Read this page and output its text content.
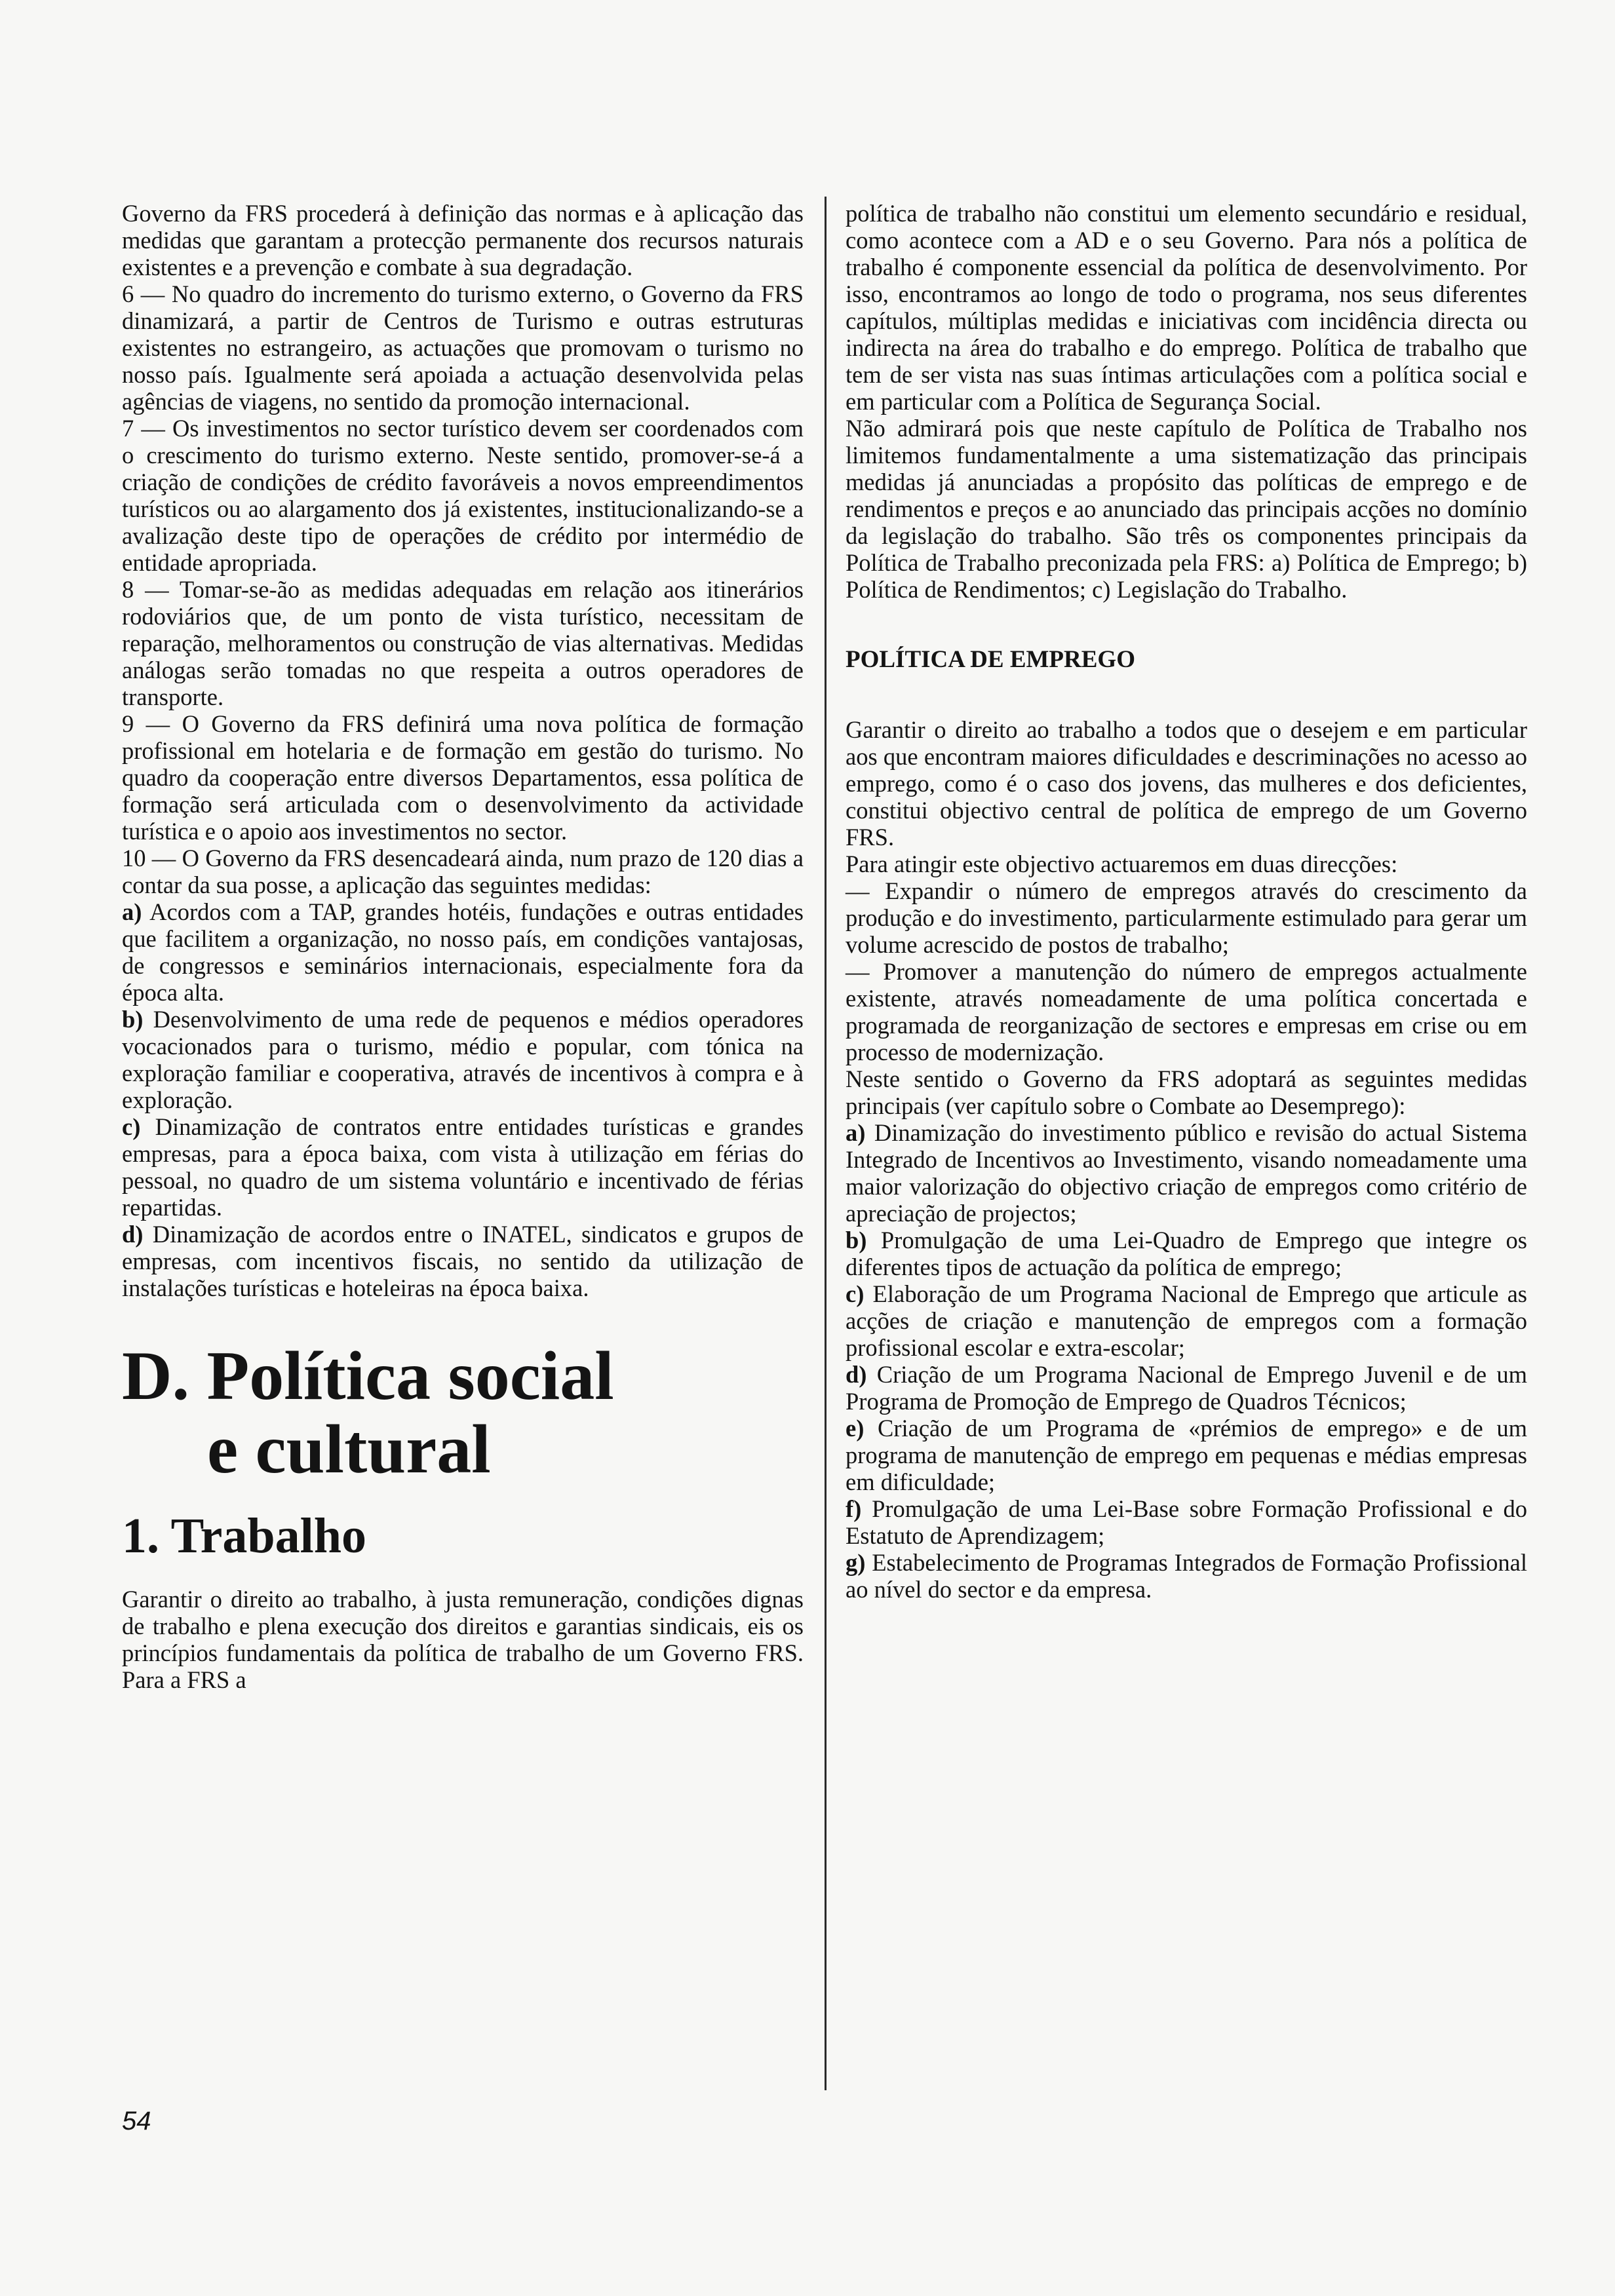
Governo da FRS procederá à definição das normas e à aplicação das medidas que garantam a protecção permanente dos recursos naturais existentes e a prevenção e combate à sua degradação.

6 — No quadro do incremento do turismo externo, o Governo da FRS dinamizará, a partir de Centros de Turismo e outras estruturas existentes no estrangeiro, as actuações que promovam o turismo no nosso país. Igualmente será apoiada a actuação desenvolvida pelas agências de viagens, no sentido da promoção internacional.

7 — Os investimentos no sector turístico devem ser coordenados com o crescimento do turismo externo. Neste sentido, promover-se-á a criação de condições de crédito favoráveis a novos empreendimentos turísticos ou ao alargamento dos já existentes, institucionalizando-se a avalização deste tipo de operações de crédito por intermédio de entidade apropriada.

8 — Tomar-se-ão as medidas adequadas em relação aos itinerários rodoviários que, de um ponto de vista turístico, necessitam de reparação, melhoramentos ou construção de vias alternativas. Medidas análogas serão tomadas no que respeita a outros operadores de transporte.

9 — O Governo da FRS definirá uma nova política de formação profissional em hotelaria e de formação em gestão do turismo. No quadro da cooperação entre diversos Departamentos, essa política de formação será articulada com o desenvolvimento da actividade turística e o apoio aos investimentos no sector.

10 — O Governo da FRS desencadeará ainda, num prazo de 120 dias a contar da sua posse, a aplicação das seguintes medidas:

a) Acordos com a TAP, grandes hotéis, fundações e outras entidades que facilitem a organização, no nosso país, em condições vantajosas, de congressos e seminários internacionais, especialmente fora da época alta.

b) Desenvolvimento de uma rede de pequenos e médios operadores vocacionados para o turismo, médio e popular, com tónica na exploração familiar e cooperativa, através de incentivos à compra e à exploração.

c) Dinamização de contratos entre entidades turísticas e grandes empresas, para a época baixa, com vista à utilização em férias do pessoal, no quadro de um sistema voluntário e incentivado de férias repartidas.

d) Dinamização de acordos entre o INATEL, sindicatos e grupos de empresas, com incentivos fiscais, no sentido da utilização de instalações turísticas e hoteleiras na época baixa.

D. Política social
e cultural
1. Trabalho

Garantir o direito ao trabalho, à justa remuneração, condições dignas de trabalho e plena execução dos direitos e garantias sindicais, eis os princípios fundamentais da política de trabalho de um Governo FRS. Para a FRS a

política de trabalho não constitui um elemento secundário e residual, como acontece com a AD e o seu Governo. Para nós a política de trabalho é componente essencial da política de desenvolvimento. Por isso, encontramos ao longo de todo o programa, nos seus diferentes capítulos, múltiplas medidas e iniciativas com incidência directa ou indirecta na área do trabalho e do emprego. Política de trabalho que tem de ser vista nas suas íntimas articulações com a política social e em particular com a Política de Segurança Social.

Não admirará pois que neste capítulo de Política de Trabalho nos limitemos fundamentalmente a uma sistematização das principais medidas já anunciadas a propósito das políticas de emprego e de rendimentos e preços e ao anunciado das principais acções no domínio da legislação do trabalho. São três os componentes principais da Política de Trabalho preconizada pela FRS: a) Política de Emprego; b) Política de Rendimentos; c) Legislação do Trabalho.

POLÍTICA DE EMPREGO

Garantir o direito ao trabalho a todos que o desejem e em particular aos que encontram maiores dificuldades e descriminações no acesso ao emprego, como é o caso dos jovens, das mulheres e dos deficientes, constitui objectivo central de política de emprego de um Governo FRS.

Para atingir este objectivo actuaremos em duas direcções:

— Expandir o número de empregos através do crescimento da produção e do investimento, particularmente estimulado para gerar um volume acrescido de postos de trabalho;

— Promover a manutenção do número de empregos actualmente existente, através nomeadamente de uma política concertada e programada de reorganização de sectores e empresas em crise ou em processo de modernização.

Neste sentido o Governo da FRS adoptará as seguintes medidas principais (ver capítulo sobre o Combate ao Desemprego):

a) Dinamização do investimento público e revisão do actual Sistema Integrado de Incentivos ao Investimento, visando nomeadamente uma maior valorização do objectivo criação de empregos como critério de apreciação de projectos;

b) Promulgação de uma Lei-Quadro de Emprego que integre os diferentes tipos de actuação da política de emprego;

c) Elaboração de um Programa Nacional de Emprego que articule as acções de criação e manutenção de empregos com a formação profissional escolar e extra-escolar;

d) Criação de um Programa Nacional de Emprego Juvenil e de um Programa de Promoção de Emprego de Quadros Técnicos;

e) Criação de um Programa de «prémios de emprego» e de um programa de manutenção de emprego em pequenas e médias empresas em dificuldade;

f) Promulgação de uma Lei-Base sobre Formação Profissional e do Estatuto de Aprendizagem;

g) Estabelecimento de Programas Integrados de Formação Profissional ao nível do sector e da empresa.

54
